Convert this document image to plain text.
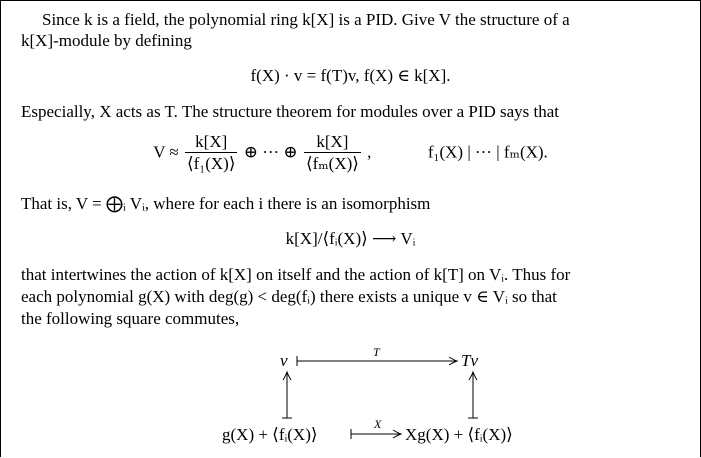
Since k is a field, the polynomial ring k[X] is a PID. Give V the structure of a
k[X]-module by defining
f(X) · v = f(T)v, f(X) ∈ k[X].
Especially, X acts as T. The structure theorem for modules over a PID says that
$V \approx \frac{k[X]}{\text{⟨f₁(X)⟩}}$ ⊕ ··· ⊕ $\frac{k[X]}{\text{⟨fₘ(X)⟩}}$ ,	f₁(X) | ··· | fₘ(X).
That is, V = ⨁ᵢ Vᵢ, where for each i there is an isomorphism
k[X]/⟨fᵢ(X)⟩ ⟶ Vᵢ
that intertwines the action of k[X] on itself and the action of k[T] on Vᵢ. Thus for
each polynomial g(X) with deg(g) < deg(fᵢ) there exists a unique v ∈ Vᵢ so that
the following square commutes,
v	Tv
T
g(X) + ⟨fᵢ(X)⟩	Xg(X) + ⟨fᵢ(X)⟩
X
